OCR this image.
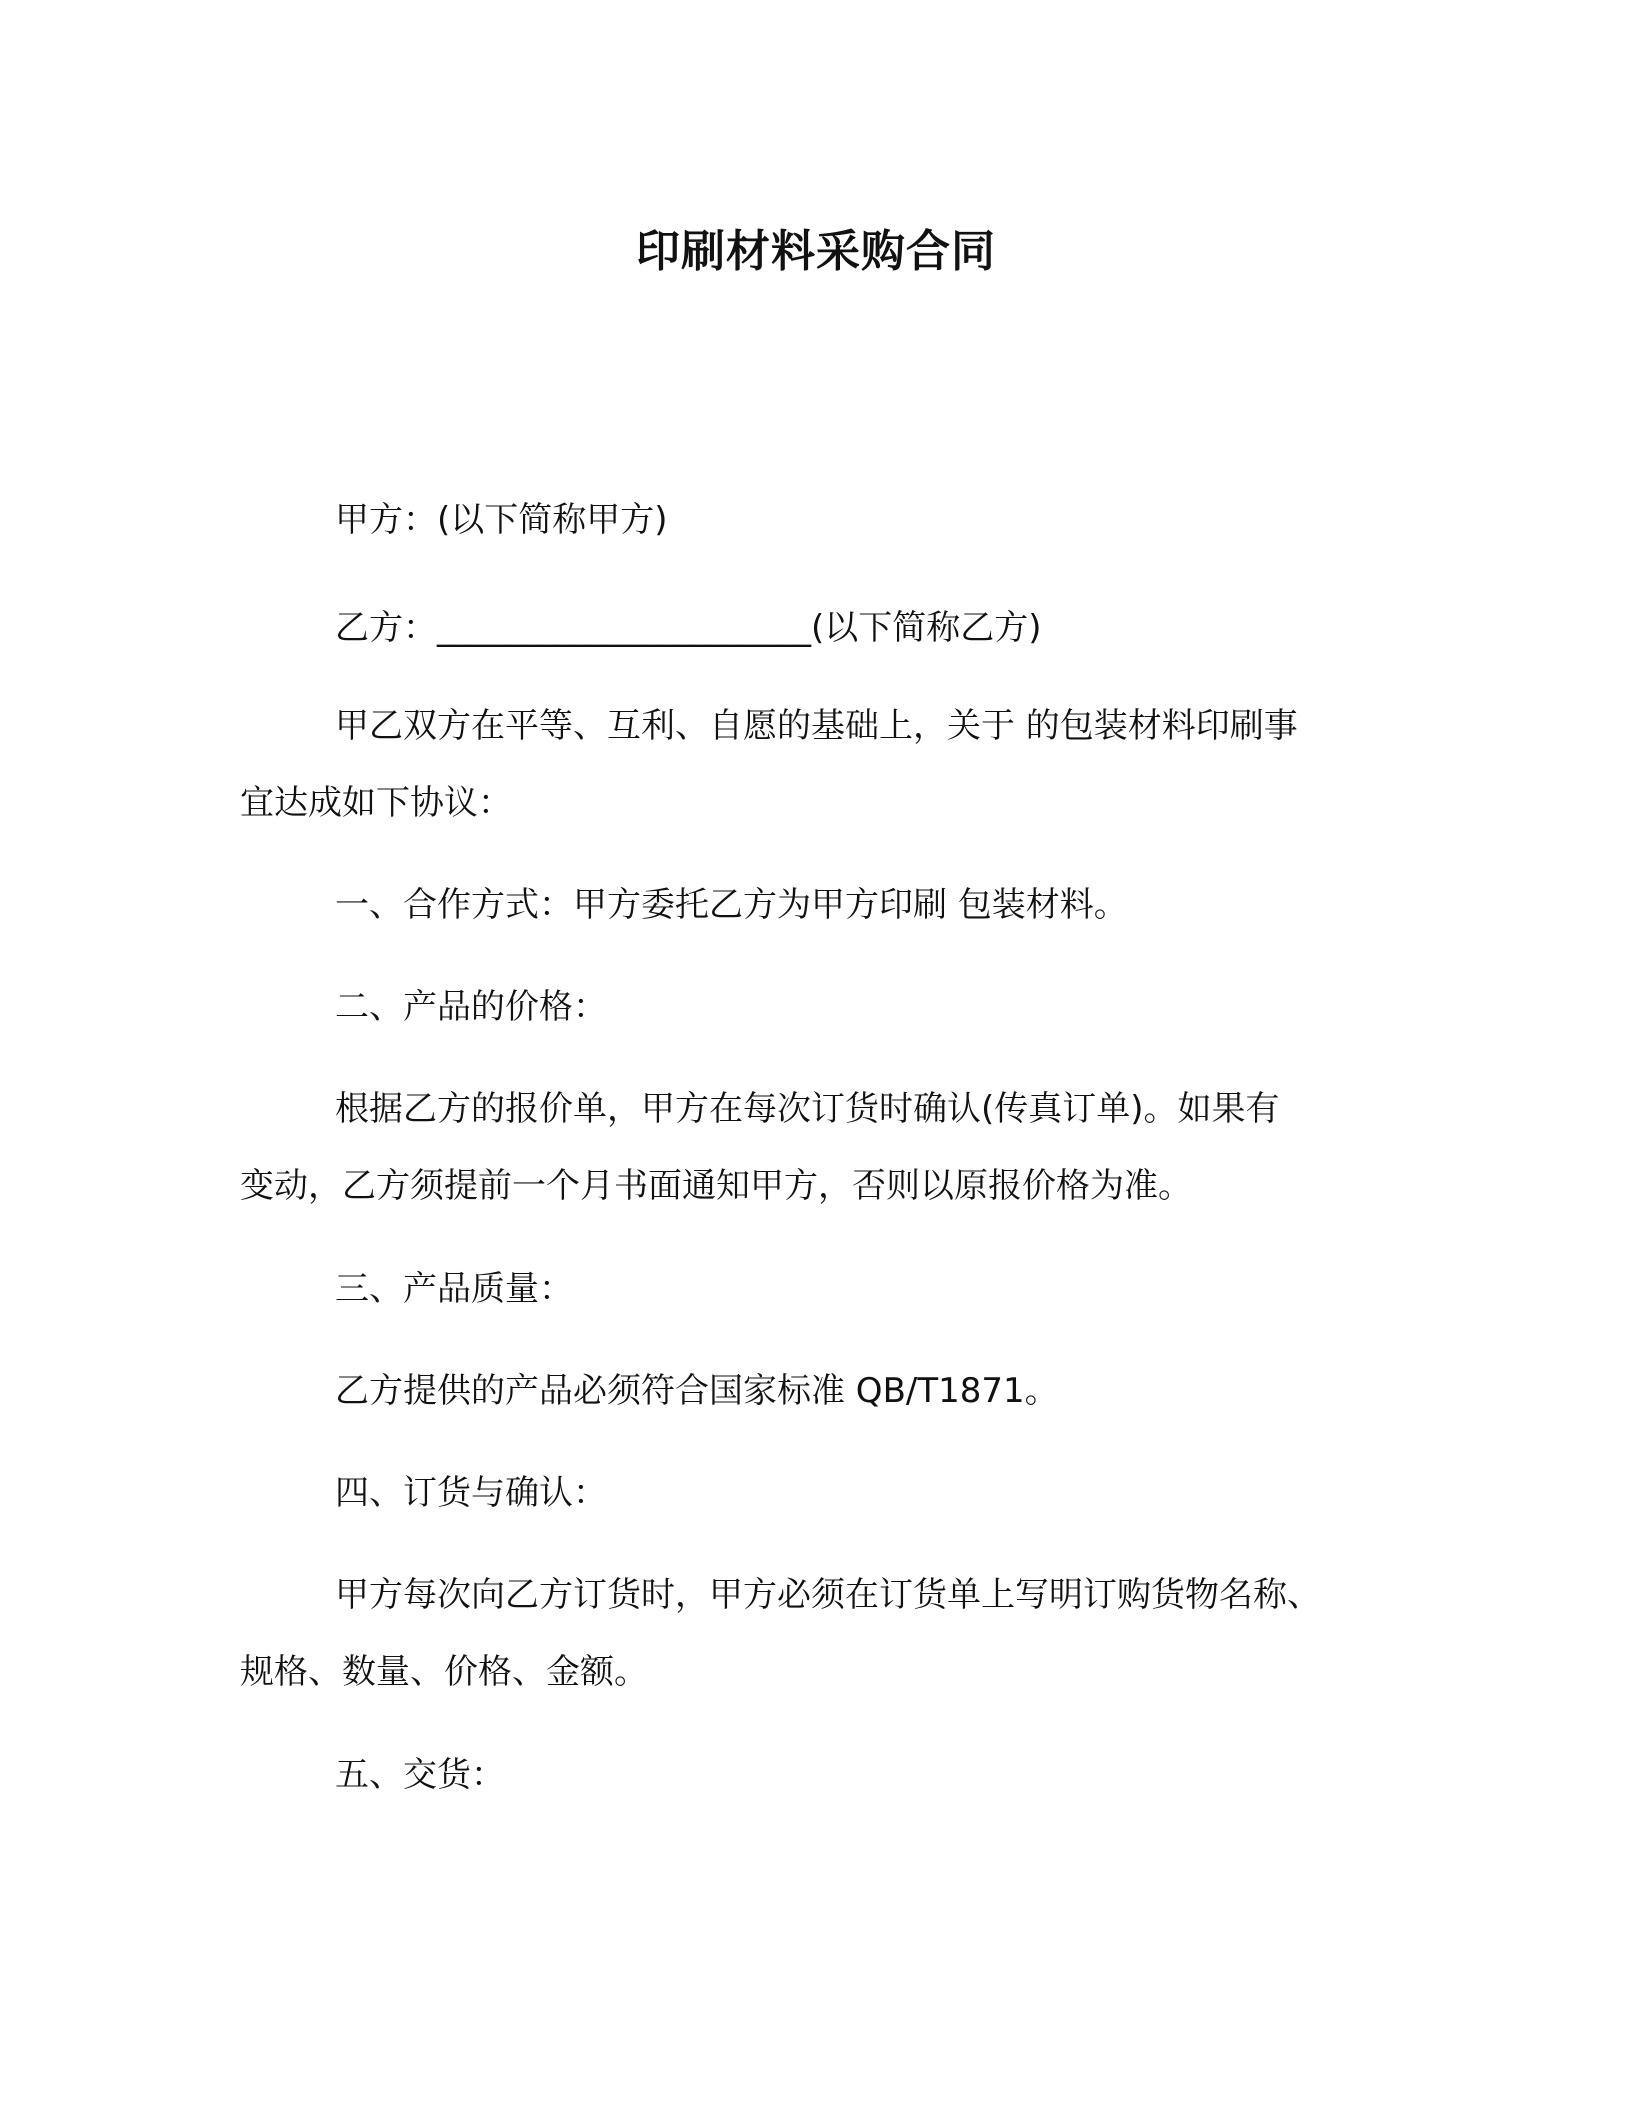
印刷材料采购合同
甲方：(以下简称甲方)
乙方：______________________(以下简称乙方)
甲乙双方在平等、互利、自愿的基础上，关于 的包装材料印刷事
宜达成如下协议：
一、合作方式：甲方委托乙方为甲方印刷 包装材料。
二、产品的价格：
根据乙方的报价单，甲方在每次订货时确认(传真订单)。如果有
变动，乙方须提前一个月书面通知甲方，否则以原报价格为准。
三、产品质量：
乙方提供的产品必须符合国家标准 QB/T1871。
四、订货与确认：
甲方每次向乙方订货时，甲方必须在订货单上写明订购货物名称、
规格、数量、价格、金额。
五、交货：
